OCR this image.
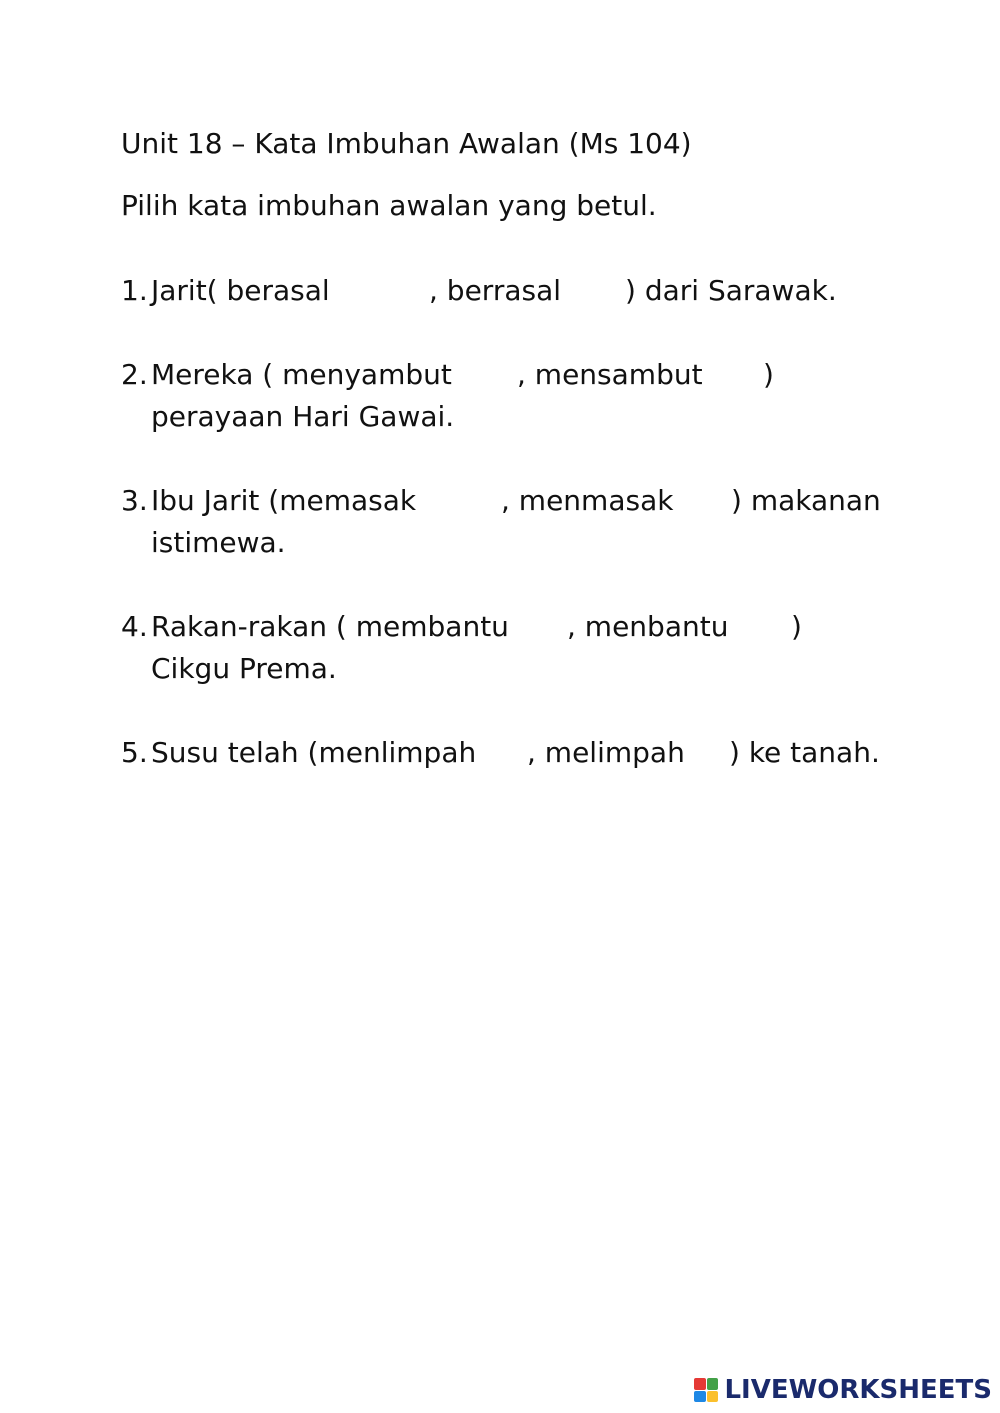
Unit 18 – Kata Imbuhan Awalan (Ms 104)
Pilih kata imbuhan awalan yang betul.
1. Jarit( berasal	, berrasal ) dari Sarawak.
2. Mereka ( menyambut , mensambut )
perayaan Hari Gawai.
3. Ibu Jarit (memasak	, menmasak ) makanan
istimewa.
4. Rakan-rakan ( membantu , menbantu )
Cikgu Prema.
5. Susu telah (menlimpah , melimpah ) ke tanah.
LIVEWORKSHEETS
